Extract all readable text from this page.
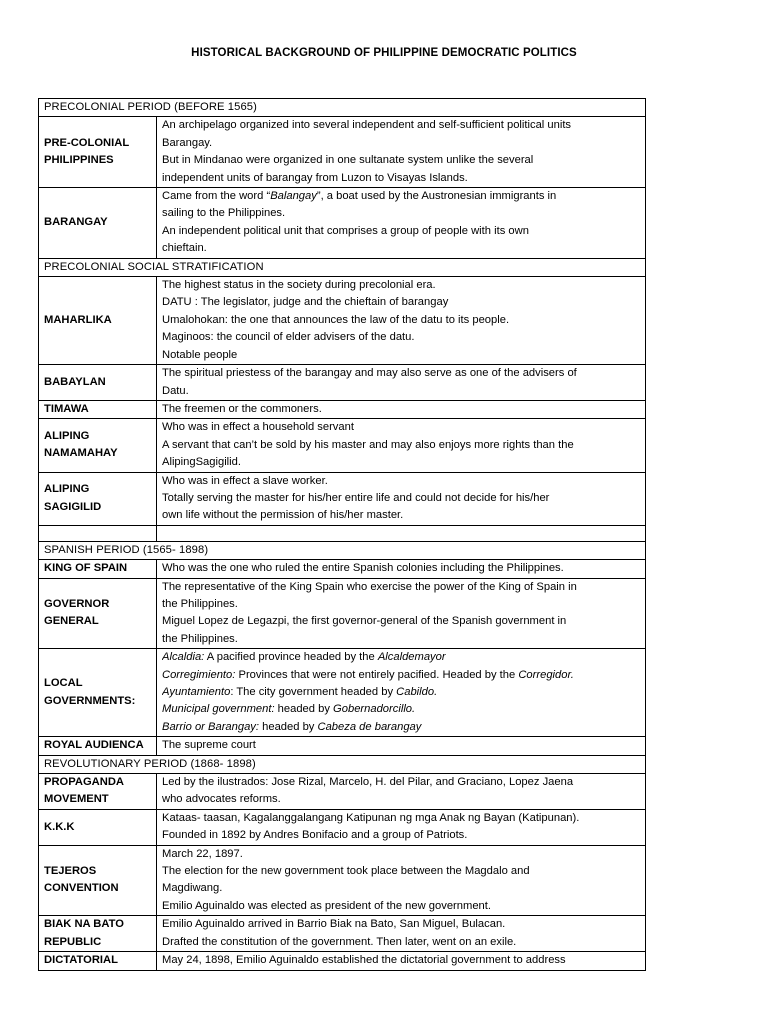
HISTORICAL BACKGROUND OF PHILIPPINE DEMOCRATIC POLITICS
PRECOLONIAL PERIOD (BEFORE 1565)	

PRE-COLONIAL
PHILIPPINES	An archipelago organized into several independent and self-sufficient political units
Barangay.
But in Mindanao were organized in one sultanate system unlike the several
independent units of barangay from Luzon to Visayas Islands.

BARANGAY	Came from the word “Balangay”, a boat used by the Austronesian immigrants in
sailing to the Philippines.
An independent political unit that comprises a group of people with its own
chieftain.

PRECOLONIAL SOCIAL STRATIFICATION	

MAHARLIKA	The highest status in the society during precolonial era.
DATU : The legislator, judge and the chieftain of barangay
Umalohokan: the one that announces the law of the datu to its people.
Maginoos: the council of elder advisers of the datu.
Notable people

BABAYLAN	The spiritual priestess of the barangay and may also serve as one of the advisers of
Datu.

TIMAWA	The freemen or the commoners.

ALIPING
NAMAMAHAY	Who was in effect a household servant
A servant that can’t be sold by his master and may also enjoys more rights than the
AlipingSagigilid.

ALIPING
SAGIGILID	Who was in effect a slave worker.
Totally serving the master for his/her entire life and could not decide for his/her
own life without the permission of his/her master.

SPANISH PERIOD (1565- 1898)	

KING OF SPAIN	Who was the one who ruled the entire Spanish colonies including the Philippines.

GOVERNOR
GENERAL	The representative of the King Spain who exercise the power of the King of Spain in
the Philippines.
Miguel Lopez de Legazpi, the first governor-general of the Spanish government in
the Philippines.

LOCAL
GOVERNMENTS:	Alcaldia: A pacified province headed by the Alcaldemayor
Corregimiento: Provinces that were not entirely pacified. Headed by the Corregidor.
Ayuntamiento: The city government headed by Cabildo.
Municipal government: headed by Gobernadorcillo.
Barrio or Barangay: headed by Cabeza de barangay

ROYAL AUDIENCA	The supreme court

REVOLUTIONARY PERIOD (1868- 1898)	

PROPAGANDA
MOVEMENT	Led by the ilustrados: Jose Rizal, Marcelo, H. del Pilar, and Graciano, Lopez Jaena
who advocates reforms.

K.K.K	Kataas- taasan, Kagalanggalangang Katipunan ng mga Anak ng Bayan (Katipunan).
Founded in 1892 by Andres Bonifacio and a group of Patriots.

TEJEROS
CONVENTION	March 22, 1897.
The election for the new government took place between the Magdalo and
Magdiwang.
Emilio Aguinaldo was elected as president of the new government.

BIAK NA BATO
REPUBLIC	Emilio Aguinaldo arrived in Barrio Biak na Bato, San Miguel, Bulacan.
Drafted the constitution of the government. Then later, went on an exile.

DICTATORIAL	May 24, 1898, Emilio Aguinaldo established the dictatorial government to address
